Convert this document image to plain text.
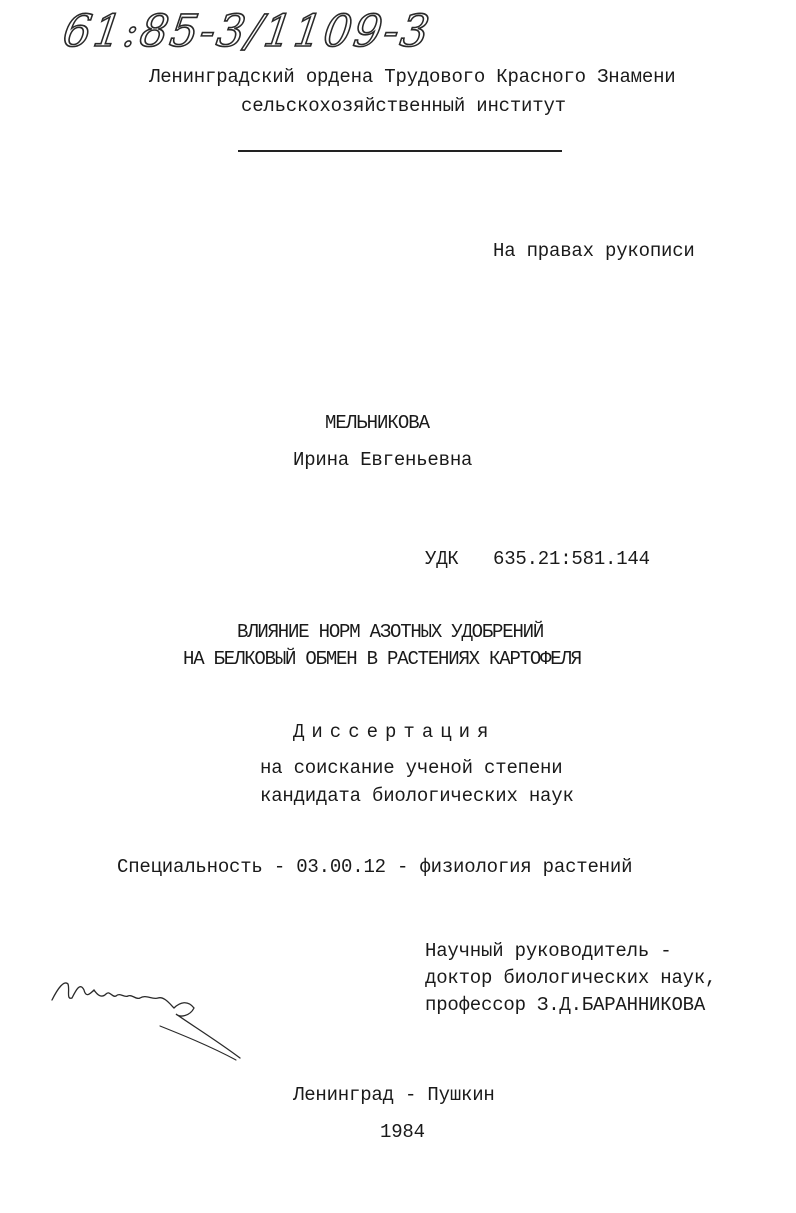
61:85-3/1109-3
Ленинградский ордена Трудового Красного Знамени
сельскохозяйственный институт
На правах рукописи
МЕЛЬНИКОВА
Ирина Евгеньевна
УДК 635.21:581.144
ВЛИЯНИЕ НОРМ АЗОТНЫХ УДОБРЕНИЙ
НА БЕЛКОВЫЙ ОБМЕН В РАСТЕНИЯХ КАРТОФЕЛЯ
Диссертация
на соискание ученой степени
кандидата биологических наук
Специальность - 03.00.12 - физиология растений
Научный руководитель -
доктор биологических наук,
профессор З.Д.БАРАННИКОВА
Ленинград - Пушкин
1984
